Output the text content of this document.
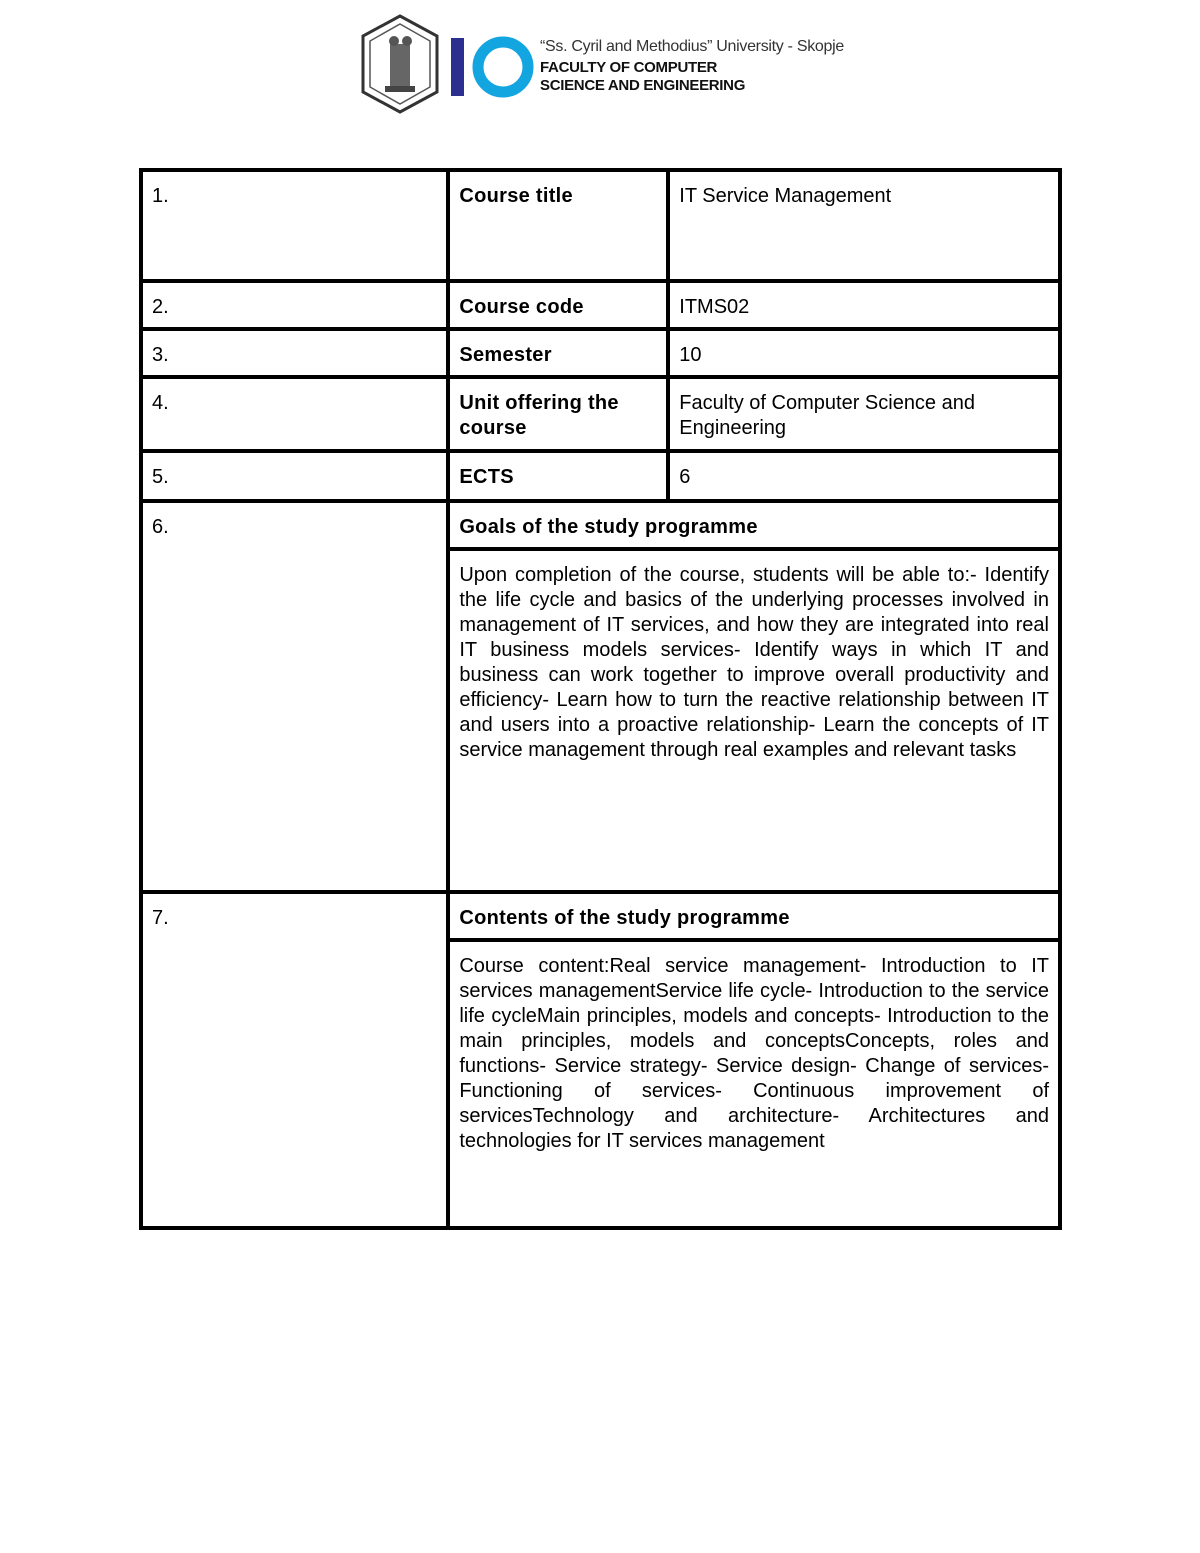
“Ss. Cyril and Methodius” University - Skopje
FACULTY OF COMPUTER
SCIENCE AND ENGINEERING
1.	Course title	IT Service Management
2.	Course code	ITMS02
3.	Semester	10
4.	Unit offering the course	Faculty of Computer Science and Engineering
5.	ECTS	6
6.	Goals of the study programme	
	Upon completion of the course, students will be able to:- Identify the life cycle and basics of the underlying processes involved in management of IT services, and how they are integrated into real IT business models services- Identify ways in which IT and business can work together to improve overall productivity and efficiency- Learn how to turn the reactive relationship between IT and users into a proactive relationship- Learn the concepts of IT service management through real examples and relevant tasks	
7.	Contents of the study programme	
	Course content:Real service management- Introduction to IT services managementService life cycle- Introduction to the service life cycleMain principles, models and concepts- Introduction to the main principles, models and conceptsConcepts, roles and functions- Service strategy- Service design- Change of services- Functioning of services- Continuous improvement of servicesTechnology and architecture- Architectures and technologies for IT services management	
